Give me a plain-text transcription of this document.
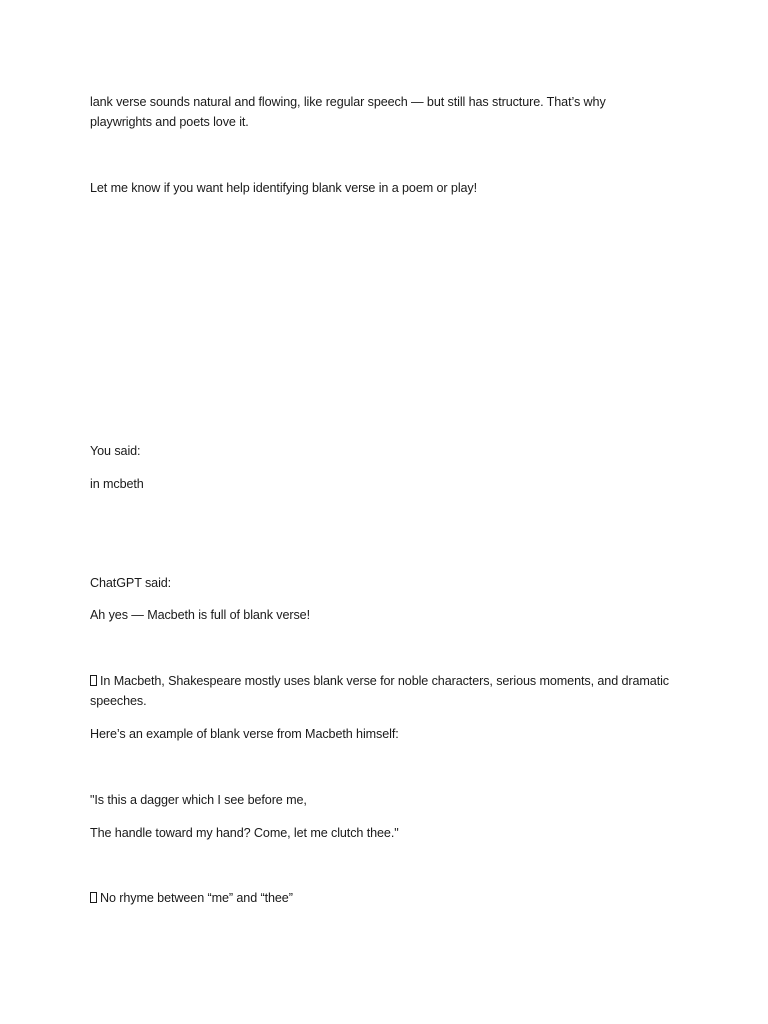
lank verse sounds natural and flowing, like regular speech — but still has structure. That’s why
playwrights and poets love it.
Let me know if you want help identifying blank verse in a poem or play!
You said:
in mcbeth
ChatGPT said:
Ah yes — Macbeth is full of blank verse!
In Macbeth, Shakespeare mostly uses blank verse for noble characters, serious moments, and dramatic
speeches.
Here’s an example of blank verse from Macbeth himself:
"Is this a dagger which I see before me,
The handle toward my hand? Come, let me clutch thee."
No rhyme between “me” and “thee”
